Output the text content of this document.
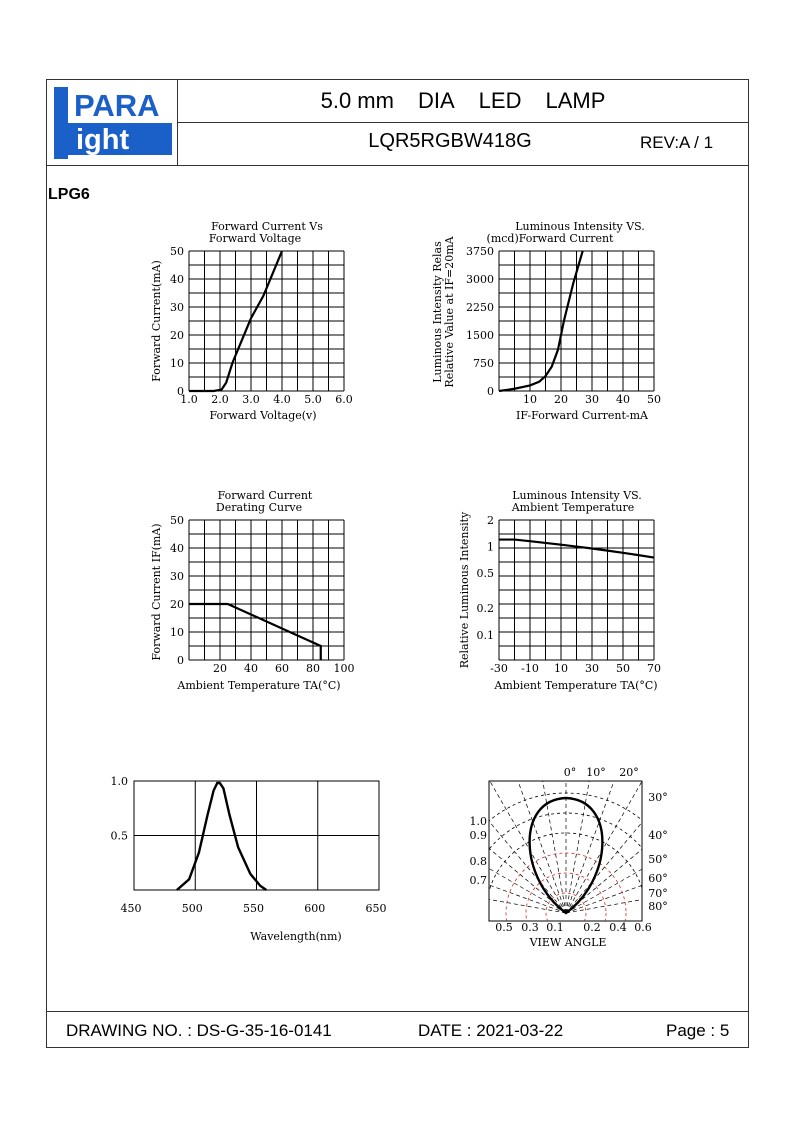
PARA
ight
5.0 mm DIA LED LAMP
LQR5RGBW418G	REV:A / 1
LPG6
Forward Current Vs
Forward Voltage
1.0 2.0 3.0 4.0 5.0 6.0
0
10
20
30
40
50
Forward Voltage(v)
Forward Current(mA)
Luminous Intensity VS.
(mcd)Forward Current
10 20 30 40 50
0
750
1500
2250
3000
3750
IF-Forward Current-mA
Luminous Intensity Relas Relative Value at IF=20mA
Forward Current
Derating Curve
20 40 60 80 100
0
10
20
30
40
50
Ambient Temperature TA(°C)
Forward Current IF(mA)
Luminous Intensity VS.
Ambient Temperature
-30 -10 10 30 50 70
2
1
0.5
0.2
0.1
Ambient Temperature TA(°C)
Relative Luminous Intensity
450	500	550	600	650
1.0
0.5
Wavelength(nm)
0° 10° 20°
30°
40°
50°
60°
70°
80°
1.0
0.9
0.8
0.7
0.5 0.3 0.1 0.2 0.4 0.6
VIEW ANGLE
DRAWING NO. : DS-G-35-16-0141	DATE : 2021-03-22	Page : 5
